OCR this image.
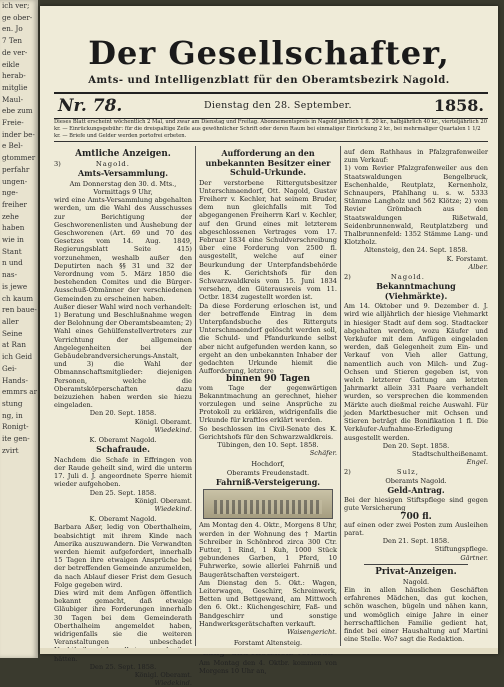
ich ver;
ge ober-
en. Jo
7 Ten
de ver-
eikle
herab-
mitglie
Maul-
ebe zum
Freie-
inder be-
e Bel-
gtommer
perfahr
ungen-
nge-
freiher
zehe
haben
wie in
Stant
n und
nas-
is jewe
ch kaum
ren baue-
aller
Seine
at Ran
ich Geid
Gei-
Hands-
emmrs ar
stung
ng, in
Ronigt-
ite gen-
zvirt
Der Gesellschafter,
Amts- und Intelligenzblatt für den Oberamtsbezirk Nagold.
Nr. 78.	Dienstag den 28. September.	1858.
Dieses Blatt erscheint wöchentlich 2 Mal, und zwar am Dienstag und Freitag. Abonnementspreis in Nagold jährlich 1 fl. 20 kr., halbjährlich 40 kr., vierteljährlich 20 kr. — Einrückungsgebühr: für die dreispaltige Zeile aus gewöhnlicher Schrift oder deren Raum bei einmaliger Einrückung 2 kr., bei mehrmaliger Quartalen 1 1/2 kr. — Briefe und Gelder werden portofrei erbeten.
Amtliche Anzeigen.

3)	Nagold.

Amts-Versammlung.

Am Donnerstag den 30. d. Mts., Vormittags 9 Uhr,

wird eine Amts-Versammlung abgehalten werden, um die Wahl des Ausschusses zur Berichtigung der Geschworenenlisten und Aushebung der Geschworenen (Art. 69 und 70 des Gesetzes vom 14. Aug. 1849, Regierungsblatt Seite 415) vorzunehmen, weshalb außer den Deputirten nach §§ 31 und 32 der Verordnung vom 5. März 1850 die bestehenden Comites und die Bürger-Ausschuß-Obmänner der verschiedenen Gemeinden zu erscheinen haben.

Außer dieser Wahl wird noch verhandelt: 1) Beratung und Beschlußnahme wegen der Belohnung der Oberamtsbeamten; 2) Wahl eines Gehülfenstellvertreters zur Verrichtung der allgemeinen Angelegenheiten bei der Gebäudebrandversicherungs-Anstalt, und 3) die Wahl der Obmannschaftsmitglieder: diejenigen Personen, welche die Oberamtskörperschaften dazu beizuziehen haben werden sie hiezu eingeladen.

Den 20. Sept. 1858.

Königl. Oberamt.

Wiedekind.

K. Oberamt Nagold.

Schafraude.

Nachdem die Schafe in Effringen von der Raude geheilt sind, wird die unterm 17. Juli d. J. angeordnete Sperre hiemit wieder aufgehoben.

Den 25. Sept. 1858.

Königl. Oberamt.

Wiedekind.

K. Oberamt Nagold.

Barbara Aßer, ledig von Oberthalheim, beabsichtigt mit ihrem Kinde nach Amerika auszuwandern. Die Verwandten werden hiemit aufgefordert, innerhalb 15 Tagen ihre etwaigen Ansprüche bei der betreffenden Gemeinde anzumelden, da nach Ablauf dieser Frist dem Gesuch Folge gegeben wird.

Dies wird mit dem Anfügen öffentlich bekannt gemacht, daß etwaige Gläubiger ihre Forderungen innerhalb 30 Tagen bei dem Gemeinderath Oberthalheim angemeldet haben, widrigenfalls sie die weiteren Veranstaltungen unbeschadet hätten.

Den 25. Sept. 1858.

Königl. Oberamt.

Wiedekind.

Aufforderung an den unbekannten Besitzer einer Schuld-Urkunde.

Der verstorbene Rittergutsbesitzer Unterschmaendorf, Ott. Nagold, Gustav Freiherr v. Kechler, hat seinem Bruder, dem nun gleichfalls mit Tod abgegangenen Freiherrn Karl v. Kechler, auf den Grund eines mit letzterem abgeschlossenen Vertrages vom 17. Februar 1834 eine Schuldverschreibung über eine Forderung von 2500 fl. ausgestellt, welche auf einer Beurkundung der Unterpfandsbehörde des K. Gerichtshofs für den Schwarzwaldkreis vom 15. Juni 1834 versehen, den Güterausweis vom 11. Octbr. 1834 zugestellt worden ist.

Da diese Forderung erloschen ist, und der betreffende Eintrag in dem Unterpfandsbuche des Ritterguts Unterschmaendorf gelöscht werden soll, die Schuld- und Pfandurkunde selbst aber nicht aufgefunden werden kann, so ergeht an den unbekannten Inhaber der gedachten Urkunde hiemit die Aufforderung, letztere

binnen 90 Tagen

vom Tage der gegenwärtigen Bekanntmachung an gerechnet, hieher vorzulegen und seine Ansprüche zu Protokoll zu erklären, widrigenfalls die Urkunde für kraftlos erklärt werden.

So beschlossen im Civil-Senate des K. Gerichtshofs für den Schwarzwaldkreis.

Tübingen, den 10. Sept. 1858.

Schäfer.

Hochdorf,

Oberamts Freudenstadt.

Fahrniß-Versteigerung.

Am Montag den 4. Oktr., Morgens 8 Uhr, werden in der Wohnung des † Martin Schreiber in Schönbrod zirca 300 Ctr. Futter, 1 Rind, 1 Kuh, 1000 Stück gebundenes Garben, 1 Pferd, 10 Fuhrwerke, sowie allerlei Fahrniß und Baugerätschaften versteigert.

Am Dienstag den 5. Okt.: Wagen, Leiterwagen, Geschirr, Schreinwerk, Betten und Bettgewand, am Mittwoch den 6. Okt.: Küchengeschirr, Faß- und Bandgeschirr und sonstige Handwerksgerätschaften verkauft.

Waisengericht.

Forstamt Altensteig.

Am Montag den 4. Oktbr. kommen von Morgens 10 Uhr an,

auf dem Rathhaus in Pfalzgrafenweiler zum Verkauf:

1) vom Revier Pfalzgrafenweiler aus den Staatswaldungen Bengelbruck, Eschenhalde, Reutplatz, Kernenholz, Schnaupers, Pfahlhang u. s. w. 5333 Stämme Langholz und 562 Klötze; 2) vom Revier Grömbach aus den Staatswaldungen Rißetwald, Seidenbrunnenwald, Reutplatzberg und Thalbrunnenfeld: 1352 Stämme Lang- und Klotzholz.

Altensteig, den 24. Sept. 1858.

K. Forstamt.

Alber.

2)	Nagold.

Bekanntmachung (Viehmärkte).

Am 14. Oktober und 9. Dezember d. J. wird wie alljährlich der hiesige Viehmarkt in hiesiger Stadt auf dem sog. Stadtacker abgehalten werden, wozu Käufer und Verkäufer mit dem Anfügen eingeladen werden, daß Gelegenheit zum Ein- und Verkauf von Vieh aller Gattung, namentlich auch von Milch- und Zug-Ochsen und Stieren gegeben ist, von welch letzterer Gattung am letzten Jahrmarkt allein 331 Paare verhandelt wurden, so versprechen die kommenden Märkte auch dießmal reiche Auswahl. Für jeden Marktbesucher mit Ochsen und Stieren beträgt die Bonifikation 1 fl. Die Verkäufer-Aufnahme-Erledigung ausgestellt werden.

Den 20. Sept. 1858.

Stadtschultheißenamt.

Engel.

2)	Sulz,

Oberamts Nagold.

Geld-Antrag.

Bei der hiesigen Stiftspflege sind gegen gute Versicherung

700 fl.

auf einen oder zwei Posten zum Ausleihen parat.

Den 21. Sept. 1858.

Stiftungspflege.

Gärtner.

Privat-Anzeigen.

Nagold.

Ein in allen häuslichen Geschäften erfahrenes Mädchen, das gut kochen, schön waschen, bügeln und nähen kann, und womöglich einige Jahre in einer herrschaftlichen Familie gedient hat, findet bei einer Haushaltung auf Martini eine Stelle. Wo? sagt die Redaktion.
